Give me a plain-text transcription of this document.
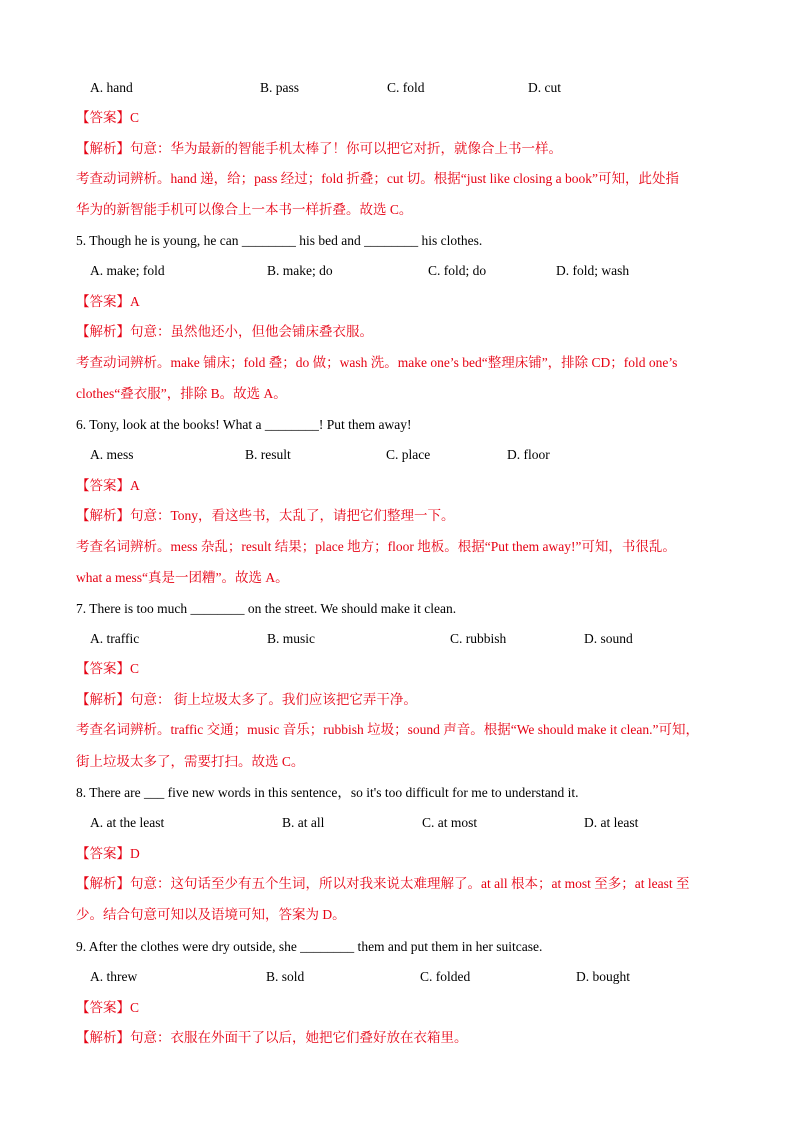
A. hand	B. pass	C. fold	D. cut
【答案】C
【解析】句意：华为最新的智能手机太棒了！你可以把它对折，就像合上书一样。
考查动词辨析。hand 递，给；pass 经过；fold 折叠；cut 切。根据“just like closing a book”可知，此处指
华为的新智能手机可以像合上一本书一样折叠。故选 C。
5. Though he is young, he can ________ his bed and ________ his clothes.
A. make; fold	B. make; do	C. fold; do	D. fold; wash
【答案】A
【解析】句意：虽然他还小，但他会铺床叠衣服。
考查动词辨析。make 铺床；fold 叠；do 做；wash 洗。make one’s bed“整理床铺”，排除 CD；fold one’s
clothes“叠衣服”，排除 B。故选 A。
6. Tony, look at the books! What a ________! Put them away!
A. mess	B. result	C. place	D. floor
【答案】A
【解析】句意：Tony，看这些书，太乱了，请把它们整理一下。
考查名词辨析。mess 杂乱；result 结果；place 地方；floor 地板。根据“Put them away!”可知，书很乱。
what a mess“真是一团糟”。故选 A。
7. There is too much ________ on the street. We should make it clean.
A. traffic	B. music	C. rubbish	D. sound
【答案】C
【解析】句意： 街上垃圾太多了。我们应该把它弄干净。
考查名词辨析。traffic 交通；music 音乐；rubbish 垃圾；sound 声音。根据“We should make it clean.”可知，
街上垃圾太多了，需要打扫。故选 C。
8. There are ___ five new words in this sentence，so it's too difficult for me to understand it.
A. at the least	B. at all	C. at most	D. at least
【答案】D
【解析】句意：这句话至少有五个生词，所以对我来说太难理解了。at all 根本；at most 至多；at least 至
少。结合句意可知以及语境可知，答案为 D。
9. After the clothes were dry outside, she ________ them and put them in her suitcase.
A. threw	B. sold	C. folded	D. bought
【答案】C
【解析】句意：衣服在外面干了以后，她把它们叠好放在衣箱里。
